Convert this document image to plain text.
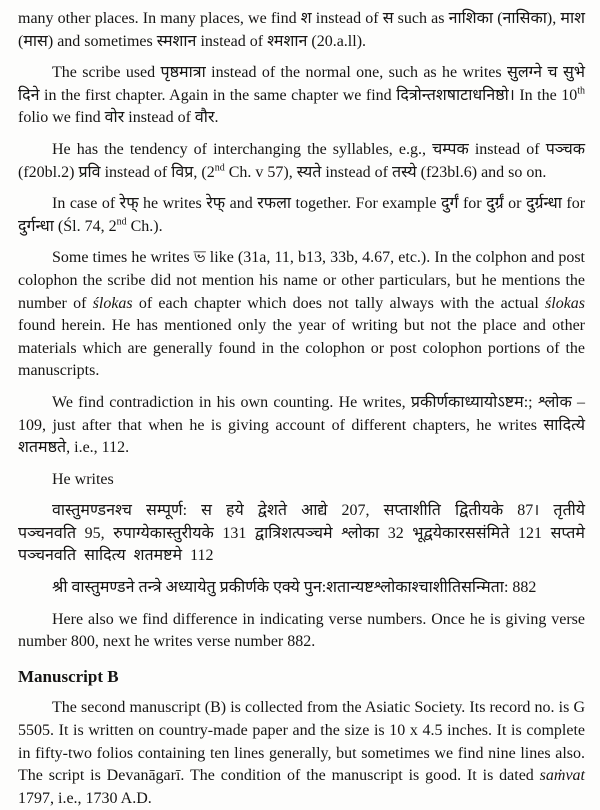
many other places. In many places, we find श instead of स such as नाशिका (नासिका), माश (मास) and sometimes स्मशान instead of श्मशान (20.a.ll).

The scribe used पृष्ठमात्रा instead of the normal one, such as he writes सुलग्ने च सुभे दिने in the first chapter. Again in the same chapter we find दित्रोन्तशषाटाधनिष्ठो। In the 10th folio we find वोर instead of वौर.

He has the tendency of interchanging the syllables, e.g., चम्पक instead of पञ्चक (f20bl.2) प्रवि instead of विप्र, (2nd Ch. v 57), स्यते instead of तस्ये (f23bl.6) and so on.

In case of रेफ् he writes रेफ् and रफला together. For example दुर्गं for दुर्ग्रं or दुर्ग्रन्धा for दुर्गन्धा (Śl. 74, 2nd Ch.).

Some times he writes ভ like (31a, 11, b13, 33b, 4.67, etc.). In the colphon and post colophon the scribe did not mention his name or other particulars, but he mentions the number of ślokas of each chapter which does not tally always with the actual ślokas found herein. He has mentioned only the year of writing but not the place and other materials which are generally found in the colophon or post colophon portions of the manuscripts.

We find contradiction in his own counting. He writes, प्रकीर्णकाध्यायोऽष्टम:; श्लोक – 109, just after that when he is giving account of different chapters, he writes सादित्ये शतमष्ठते, i.e., 112.

He writes

वास्तुमण्डनश्च सम्पूर्ण: स हये द्वेशते आद्ये 207, सप्ताशीति द्वितीयके 87। तृतीये पञ्चनवति 95, रुपाग्येकास्तुरीयके 131 द्वात्रिशत्पञ्चमे श्लोका 32 भूद्वयेकारससंमिते 121 सप्तमे पञ्चनवति सादित्य शतमष्टमे 112

श्री वास्तुमण्डने तन्त्रे अध्यायेतु प्रकीर्णके एक्ये पुन:शतान्यष्टश्लोकाश्चाशीतिसन्मिता: 882

Here also we find difference in indicating verse numbers. Once he is giving verse number 800, next he writes verse number 882.

Manuscript B

The second manuscript (B) is collected from the Asiatic Society. Its record no. is G 5505. It is written on country-made paper and the size is 10 x 4.5 inches. It is complete in fifty-two folios containing ten lines generally, but sometimes we find nine lines also. The script is Devanāgarī. The condition of the manuscript is good. It is dated saṁvat 1797, i.e., 1730 A.D.
